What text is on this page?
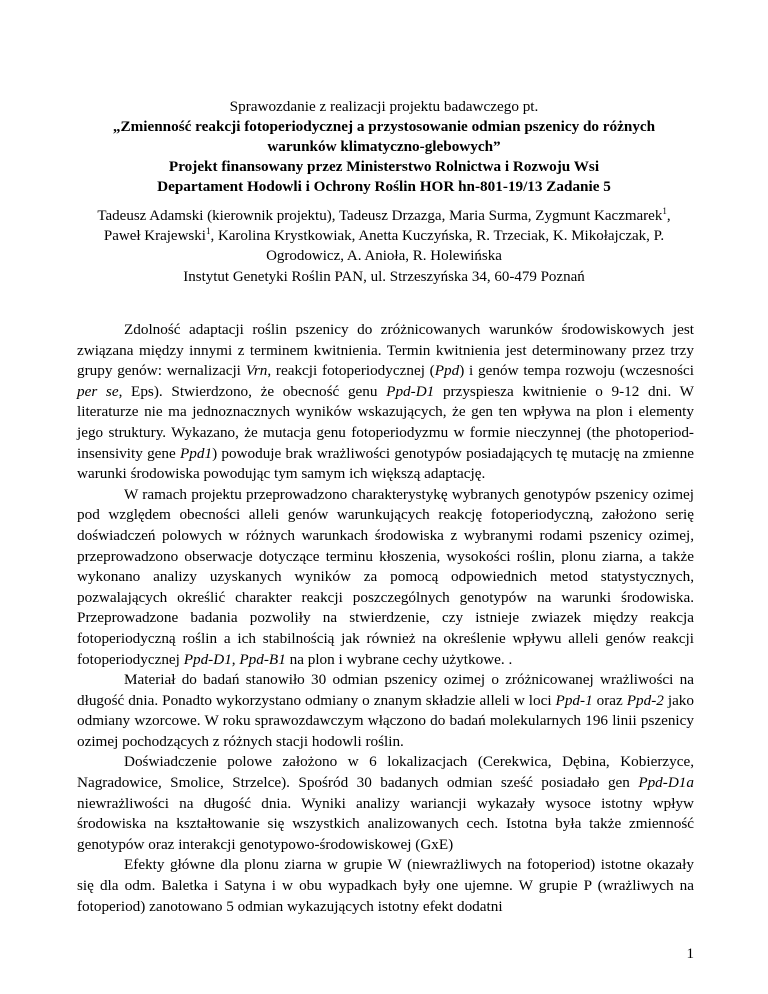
Sprawozdanie z realizacji projektu badawczego pt.
„Zmienność reakcji fotoperiodycznej a przystosowanie odmian pszenicy do różnych warunków klimatyczno-glebowych”
Projekt finansowany przez Ministerstwo Rolnictwa i Rozwoju Wsi
Departament Hodowli i Ochrony Roślin HOR hn-801-19/13 Zadanie 5
Tadeusz Adamski (kierownik projektu), Tadeusz Drzazga, Maria Surma, Zygmunt Kaczmarek$^1$, Paweł Krajewski$^1$, Karolina Krystkowiak, Anetta Kuczyńska, R. Trzeciak, K. Mikołajczak, P. Ogrodowicz, A. Anioła, R. Holewińska
Instytut Genetyki Roślin PAN, ul. Strzeszyńska 34, 60-479 Poznań

Zdolność adaptacji roślin pszenicy do zróżnicowanych warunków środowiskowych jest związana między innymi z terminem kwitnienia. Termin kwitnienia jest determinowany przez trzy grupy genów: wernalizacji Vrn, reakcji fotoperiodycznej (Ppd) i genów tempa rozwoju (wczesności per se, Eps). Stwierdzono, że obecność genu Ppd-D1 przyspiesza kwitnienie o 9-12 dni. W literaturze nie ma jednoznacznych wyników wskazujących, że gen ten wpływa na plon i elementy jego struktury. Wykazano, że mutacja genu fotoperiodyzmu w formie nieczynnej (the photoperiod-insensivity gene Ppd1) powoduje brak wrażliwości genotypów posiadających tę mutację na zmienne warunki środowiska powodując tym samym ich większą adaptację.

W ramach projektu przeprowadzono charakterystykę wybranych genotypów pszenicy ozimej pod względem obecności alleli genów warunkujących reakcję fotoperiodyczną, założono serię doświadczeń polowych w różnych warunkach środowiska z wybranymi rodami pszenicy ozimej, przeprowadzono obserwacje dotyczące terminu kłoszenia, wysokości roślin, plonu ziarna, a także wykonano analizy uzyskanych wyników za pomocą odpowiednich metod statystycznych, pozwalających określić charakter reakcji poszczególnych genotypów na warunki środowiska. Przeprowadzone badania pozwoliły na stwierdzenie, czy istnieje zwiazek między reakcja fotoperiodyczną roślin a ich stabilnością jak również na określenie wpływu alleli genów reakcji fotoperiodycznej Ppd-D1, Ppd-B1 na plon i wybrane cechy użytkowe. .

Materiał do badań stanowiło 30 odmian pszenicy ozimej o zróżnicowanej wrażliwości na długość dnia. Ponadto wykorzystano odmiany o znanym składzie alleli w loci Ppd-1 oraz Ppd-2 jako odmiany wzorcowe. W roku sprawozdawczym włączono do badań molekularnych 196 linii pszenicy ozimej pochodzących z różnych stacji hodowli roślin.

Doświadczenie polowe założono w 6 lokalizacjach (Cerekwica, Dębina, Kobierzyce, Nagradowice, Smolice, Strzelce). Spośród 30 badanych odmian sześć posiadało gen Ppd-D1a niewrażliwości na długość dnia. Wyniki analizy wariancji wykazały wysoce istotny wpływ środowiska na kształtowanie się wszystkich analizowanych cech. Istotna była także zmienność genotypów oraz interakcji genotypowo-środowiskowej (GxE)

Efekty główne dla plonu ziarna w grupie W (niewrażliwych na fotoperiod) istotne okazały się dla odm. Baletka i Satyna i w obu wypadkach były one ujemne. W grupie P (wrażliwych na fotoperiod) zanotowano 5 odmian wykazujących istotny efekt dodatni

1
